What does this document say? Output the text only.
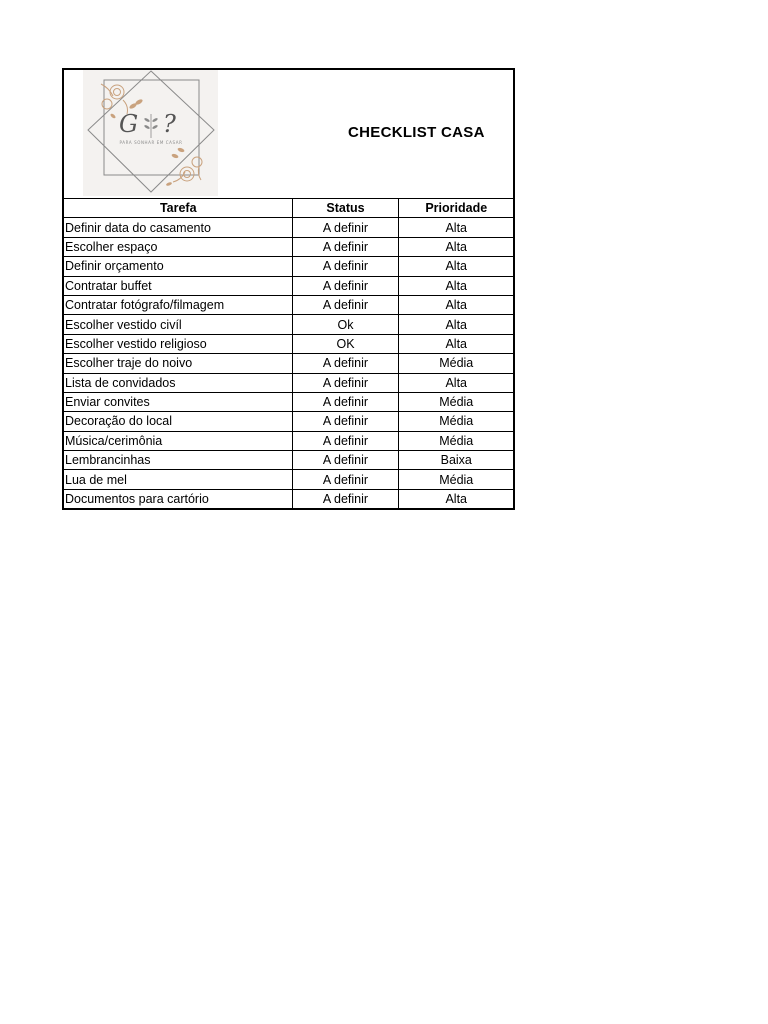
G ?
PARA SONHAR EM CASAR
CHECKLIST CASA
Tarefa	Status	Prioridade
Definir data do casamento	A definir	Alta
Escolher espaço	A definir	Alta
Definir orçamento	A definir	Alta
Contratar buffet	A definir	Alta
Contratar fotógrafo/filmagem	A definir	Alta
Escolher vestido civíl	Ok	Alta
Escolher vestido religioso	OK	Alta
Escolher traje do noivo	A definir	Média
Lista de convidados	A definir	Alta
Enviar convites	A definir	Média
Decoração do local	A definir	Média
Música/cerimônia	A definir	Média
Lembrancinhas	A definir	Baixa
Lua de mel	A definir	Média
Documentos para cartório	A definir	Alta
